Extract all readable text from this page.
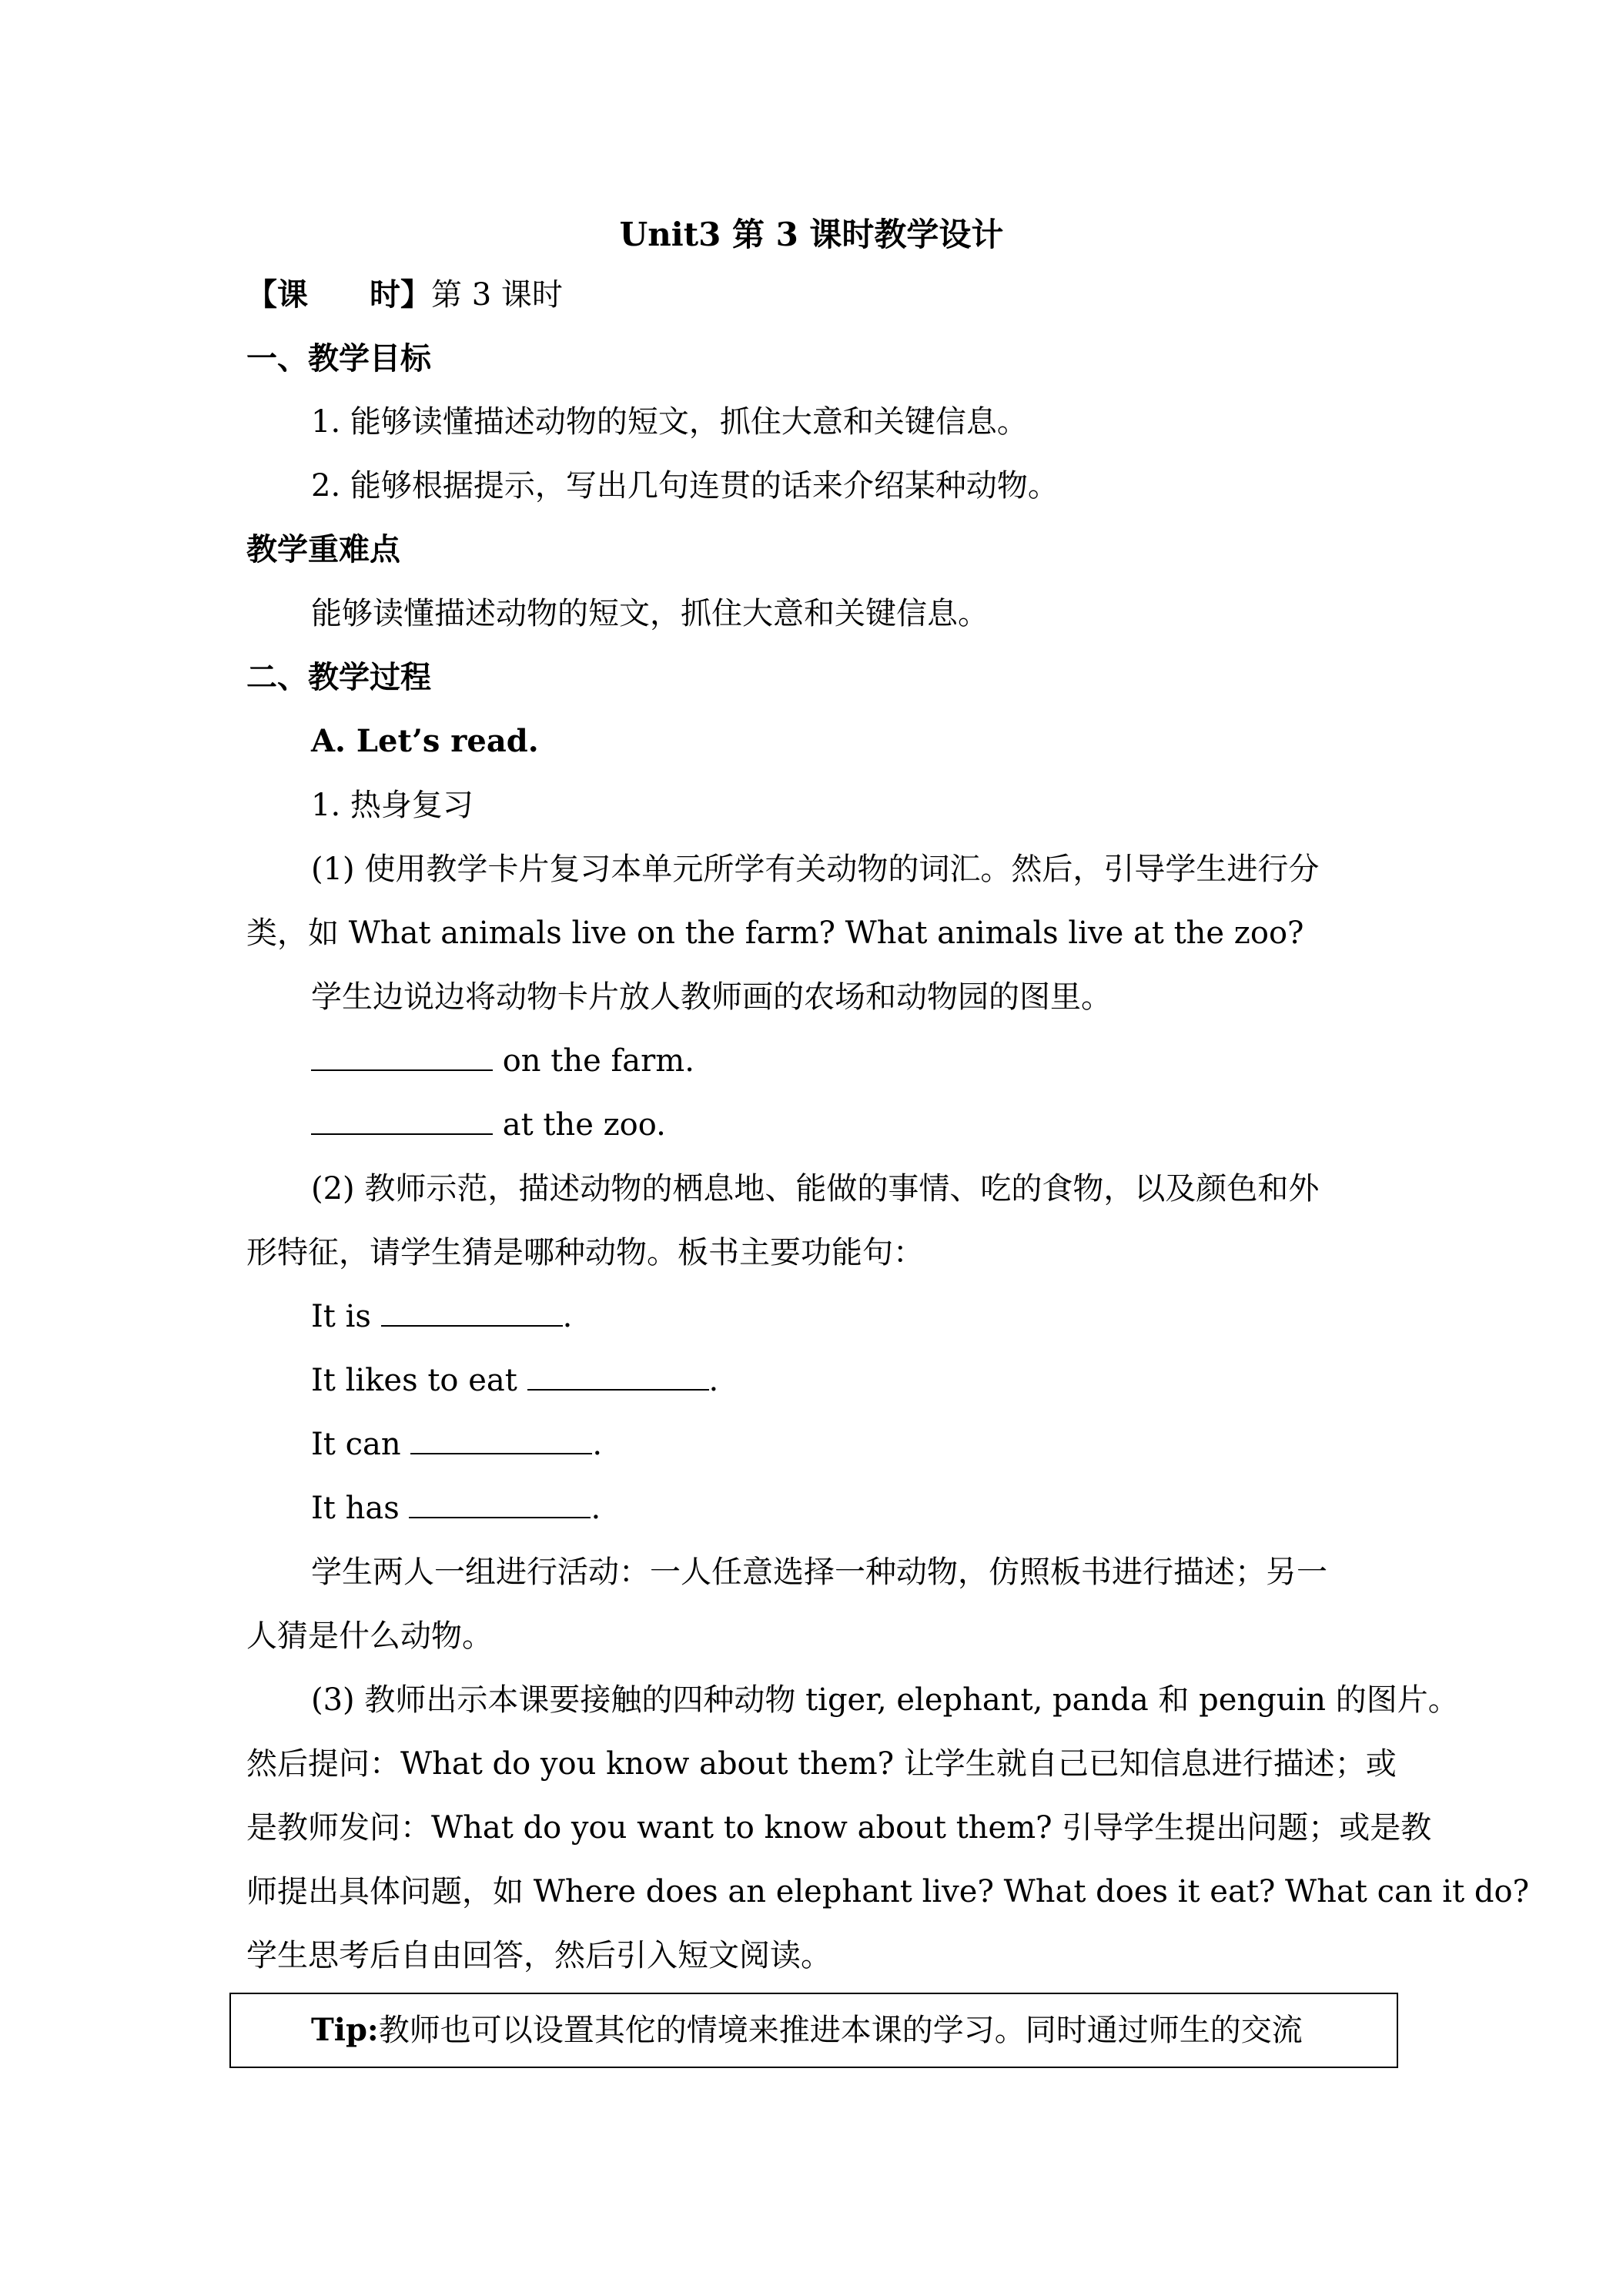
Unit3 第 3 课时教学设计
【课　　时】第 3 课时
一、教学目标
1. 能够读懂描述动物的短文，抓住大意和关键信息。
2. 能够根据提示，写出几句连贯的话来介绍某种动物。
教学重难点
能够读懂描述动物的短文，抓住大意和关键信息。
二、教学过程
A. Let’s read.
1. 热身复习
(1) 使用教学卡片复习本单元所学有关动物的词汇。然后，引导学生进行分
类，如 What animals live on the farm? What animals live at the zoo?
学生边说边将动物卡片放人教师画的农场和动物园的图里。
on the farm.
at the zoo.
(2) 教师示范，描述动物的栖息地、能做的事情、吃的食物，以及颜色和外
形特征，请学生猜是哪种动物。板书主要功能句：
It is	.
It likes to eat	.
It can	.
It has	.
学生两人一组进行活动：一人任意选择一种动物，仿照板书进行描述；另一
人猜是什么动物。
(3) 教师出示本课要接触的四种动物 tiger, elephant, panda 和 penguin 的图片。
然后提问：What do you know about them? 让学生就自己已知信息进行描述；或
是教师发问：What do you want to know about them? 引导学生提出问题；或是教
师提出具体问题，如 Where does an elephant live? What does it eat? What can it do?
学生思考后自由回答，然后引入短文阅读。
Tip:教师也可以设置其佗的情境来推进本课的学习。同时通过师生的交流
